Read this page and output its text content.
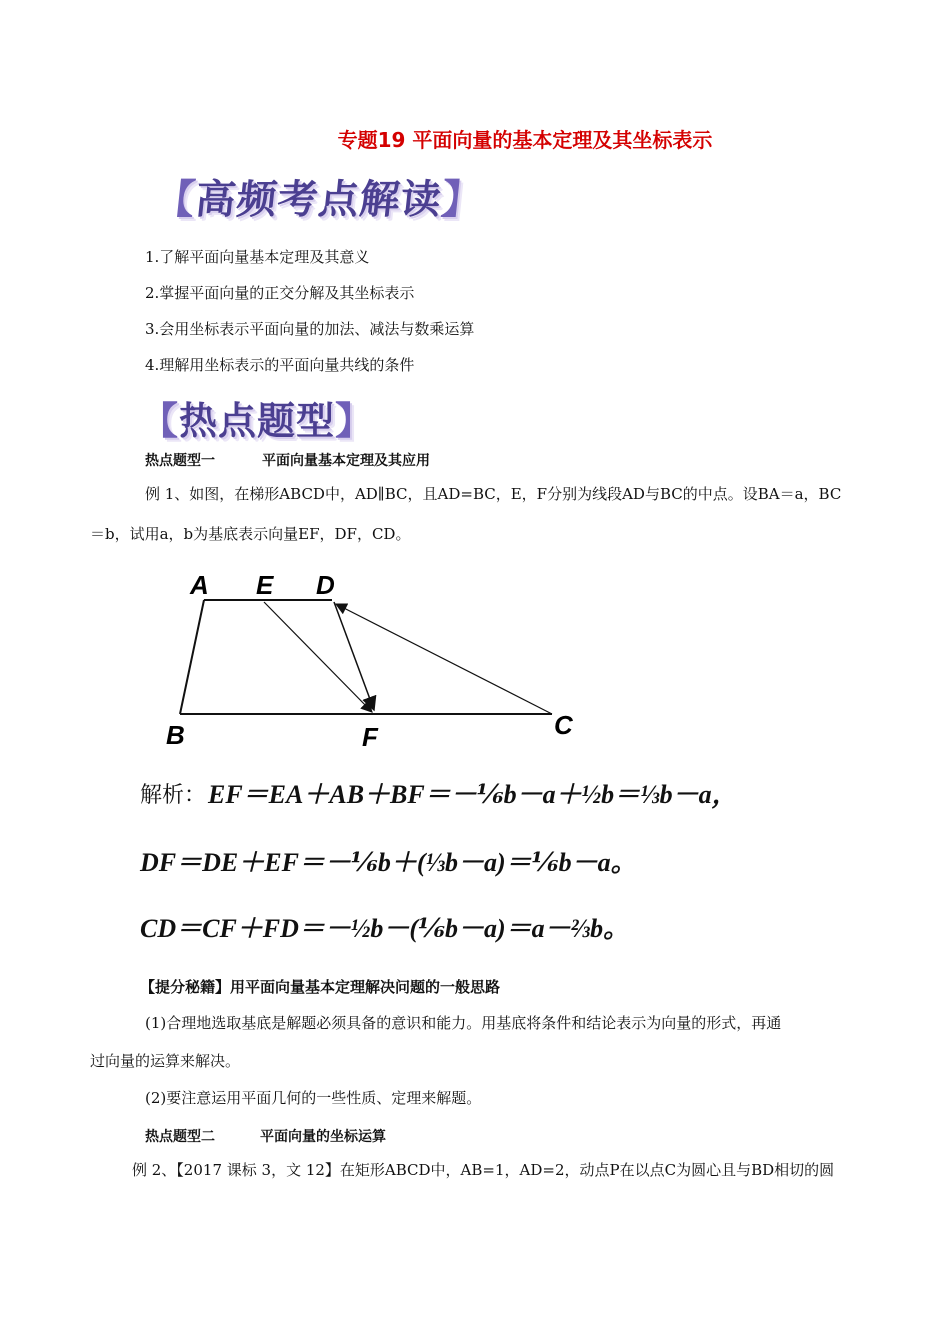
专题19 平面向量的基本定理及其坐标表示
【高频考点解读】
1.了解平面向量基本定理及其意义
2.掌握平面向量的正交分解及其坐标表示
3.会用坐标表示平面向量的加法、减法与数乘运算
4.理解用坐标表示的平面向量共线的条件
【热点题型】
热点题型一	平面向量基本定理及其应用
例 1、如图，在梯形ABCD中，AD∥BC，且AD=BC，E，F分别为线段AD与BC的中点。设BA＝a，BC
＝b，试用a，b为基底表示向量EF，DF，CD。
A E D
B	F	C
解析： EF＝EA＋AB＋BF＝－⅙b－a＋½b＝⅓b－a，
DF＝DE＋EF＝－⅙b＋(⅓b－a)＝⅙b－a。
CD＝CF＋FD＝－½b－(⅙b－a)＝a－⅔b。
【提分秘籍】用平面向量基本定理解决问题的一般思路
(1)合理地选取基底是解题必须具备的意识和能力。用基底将条件和结论表示为向量的形式，再通
过向量的运算来解决。
(2)要注意运用平面几何的一些性质、定理来解题。
热点题型二	平面向量的坐标运算
例 2、【2017 课标 3，文 12】在矩形ABCD中，AB=1，AD=2，动点P在以点C为圆心且与BD相切的圆
